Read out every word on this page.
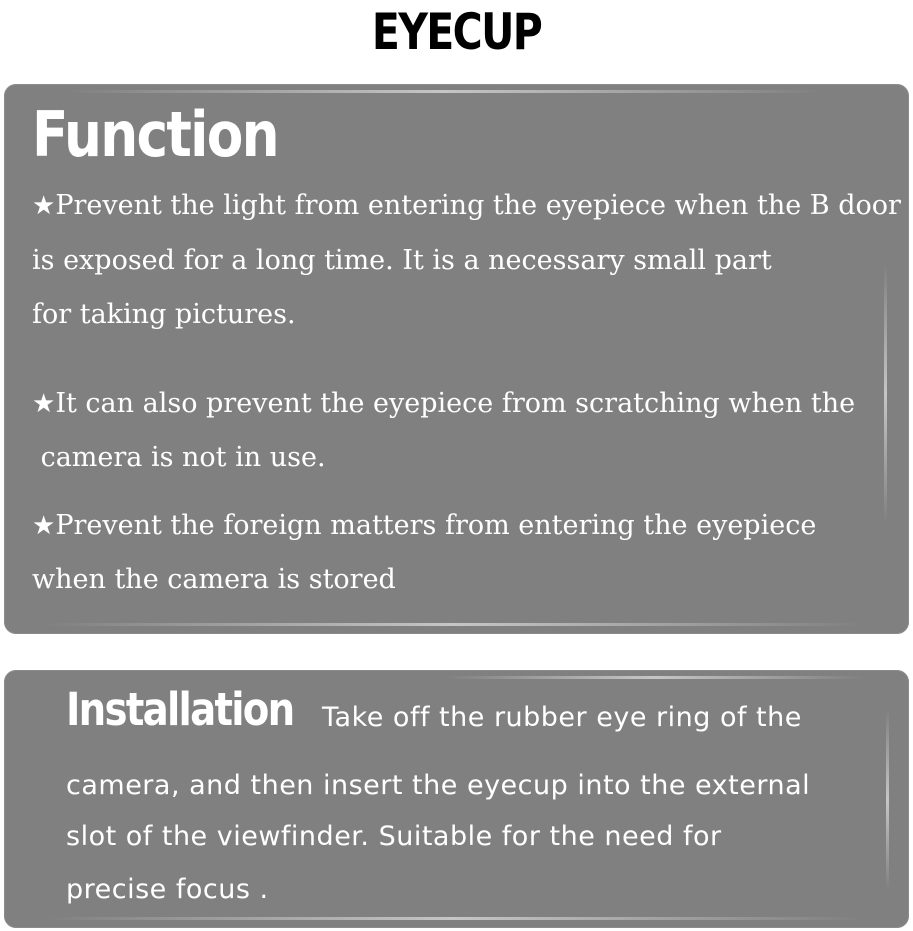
EYECUP
Function
★Prevent the light from entering the eyepiece when the B door
is exposed for a long time. It is a necessary small part
for taking pictures.
★It can also prevent the eyepiece from scratching when the
camera is not in use.
★Prevent the foreign matters from entering the eyepiece
when the camera is stored
Installation Take off the rubber eye ring of the
camera, and then insert the eyecup into the external
slot of the viewfinder. Suitable for the need for
precise focus .
